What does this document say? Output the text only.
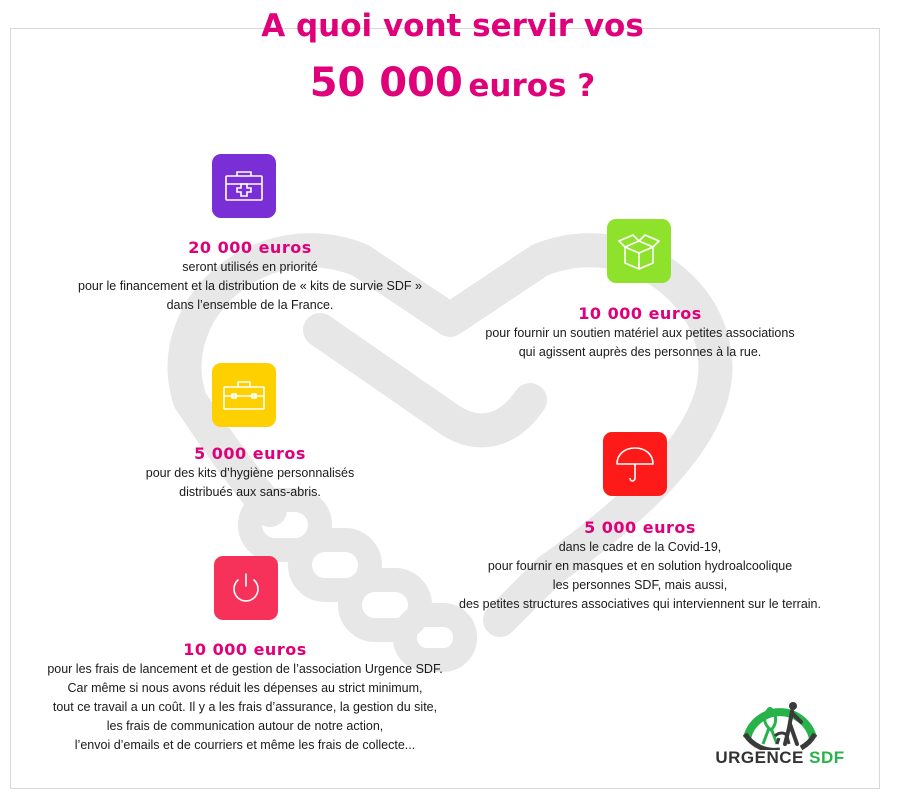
A quoi vont servir vos
50 000 euros ?
20 000 euros
seront utilisés en priorité
pour le financement et la distribution de « kits de survie SDF »
dans l’ensemble de la France.	10 000 euros
pour fournir un soutien matériel aux petites associations
qui agissent auprès des personnes à la rue.
5 000 euros
pour des kits d’hygiène personnalisés
distribués aux sans-abris.
5 000 euros
dans le cadre de la Covid-19,
pour fournir en masques et en solution hydroalcoolique
les personnes SDF, mais aussi,
des petites structures associatives qui interviennent sur le terrain.
10 000 euros
pour les frais de lancement et de gestion de l’association Urgence SDF.
Car même si nous avons réduit les dépenses au strict minimum,
tout ce travail a un coût. Il y a les frais d’assurance, la gestion du site,
les frais de communication autour de notre action,
l’envoi d’emails et de courriers et même les frais de collecte...
URGENCE SDF
